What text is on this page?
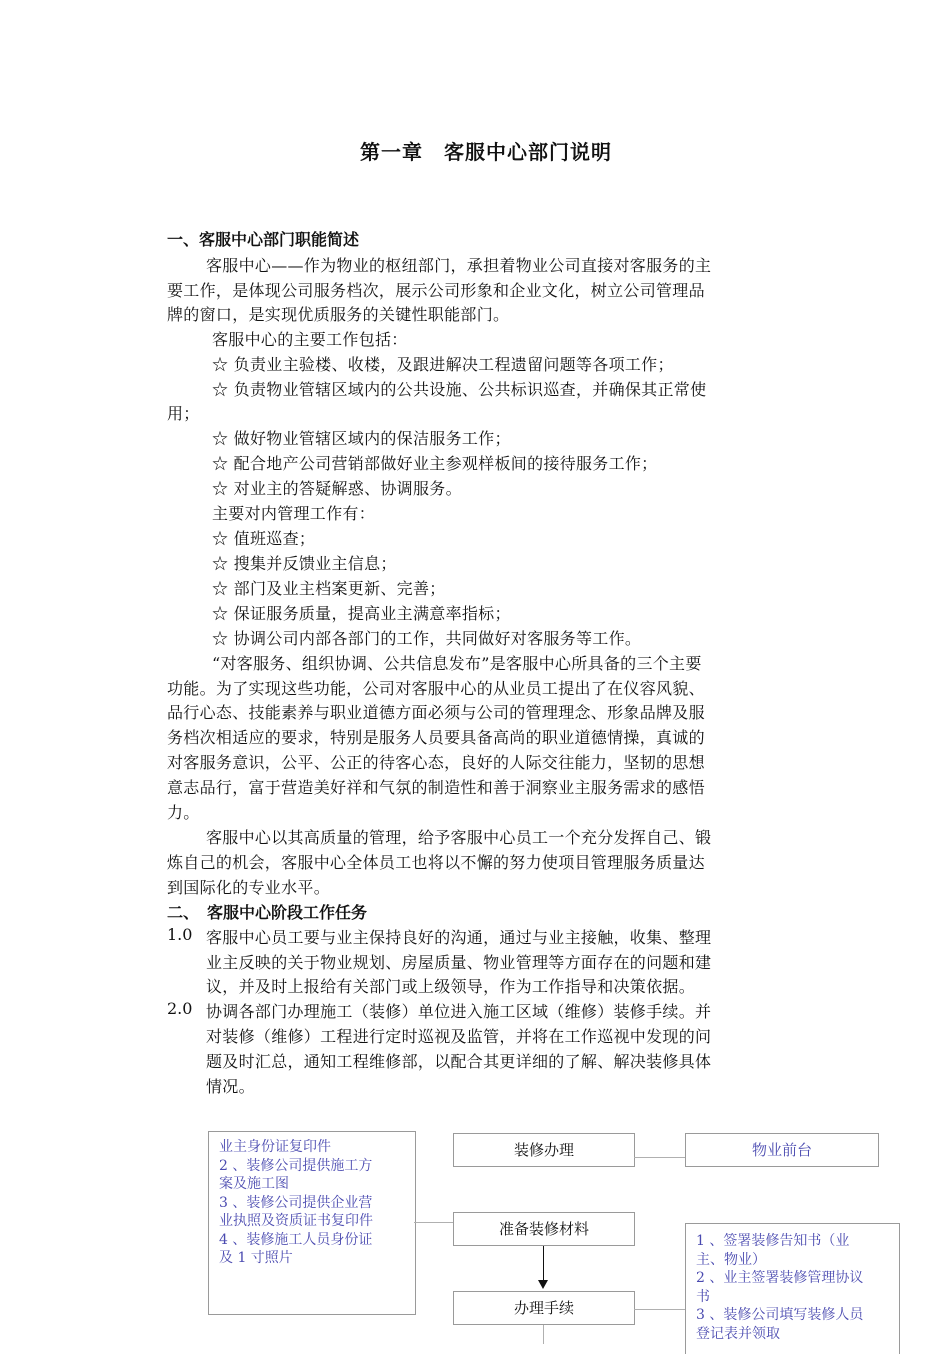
第一章　客服中心部门说明
一、客服中心部门职能简述
客服中心——作为物业的枢纽部门，承担着物业公司直接对客服务的主
要工作，是体现公司服务档次，展示公司形象和企业文化，树立公司管理品
牌的窗口，是实现优质服务的关键性职能部门。
客服中心的主要工作包括：
☆ 负责业主验楼、收楼，及跟进解决工程遗留问题等各项工作；
☆ 负责物业管辖区域内的公共设施、公共标识巡查，并确保其正常使
用；
☆ 做好物业管辖区域内的保洁服务工作；
☆ 配合地产公司营销部做好业主参观样板间的接待服务工作；
☆ 对业主的答疑解惑、协调服务。
主要对内管理工作有：
☆ 值班巡查；
☆ 搜集并反馈业主信息；
☆ 部门及业主档案更新、完善；
☆ 保证服务质量，提高业主满意率指标；
☆ 协调公司内部各部门的工作，共同做好对客服务等工作。
“对客服务、组织协调、公共信息发布”是客服中心所具备的三个主要
功能。为了实现这些功能，公司对客服中心的从业员工提出了在仪容风貌、
品行心态、技能素养与职业道德方面必须与公司的管理理念、形象品牌及服
务档次相适应的要求，特别是服务人员要具备高尚的职业道德情操，真诚的
对客服务意识，公平、公正的待客心态，良好的人际交往能力，坚韧的思想
意志品行，富于营造美好祥和气氛的制造性和善于洞察业主服务需求的感悟
力。
客服中心以其高质量的管理，给予客服中心员工一个充分发挥自己、锻
炼自己的机会，客服中心全体员工也将以不懈的努力使项目管理服务质量达
到国际化的专业水平。
二、　客服中心阶段工作任务
1.0 客服中心员工要与业主保持良好的沟通，通过与业主接触，收集、整理
业主反映的关于物业规划、房屋质量、物业管理等方面存在的问题和建
议，并及时上报给有关部门或上级领导，作为工作指导和决策依据。
2.0 协调各部门办理施工（装修）单位进入施工区域（维修）装修手续。并
对装修（维修）工程进行定时巡视及监管，并将在工作巡视中发现的问
题及时汇总，通知工程维修部，以配合其更详细的了解、解决装修具体
情况。
业主身份证复印件
2 、装修公司提供施工方
案及施工图
3 、装修公司提供企业营
业执照及资质证书复印件
4 、装修施工人员身份证
及 1 寸照片
装修办理	物业前台
准备装修材料
办理手续
1 、签署装修告知书（业
主、物业）
2 、业主签署装修管理协议
书
3 、装修公司填写装修人员
登记表并领取
